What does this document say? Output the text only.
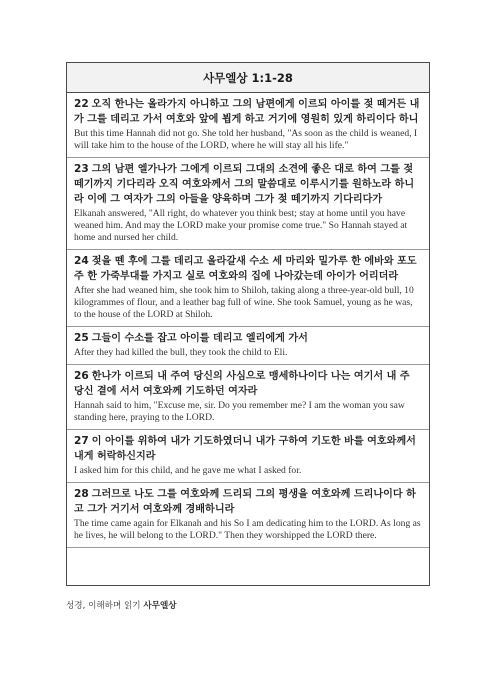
사무엘상 1:1-28
22 오직 한나는 올라가지 아니하고 그의 남편에게 이르되 아이를 젖 떼거든 내가 그를 데리고 가서 여호와 앞에 뵙게 하고 거기에 영원히 있게 하리이다 하니
But this time Hannah did not go. She told her husband, "As soon as the child is weaned, I will take him to the house of the LORD, where he will stay all his life."
23 그의 남편 엘가나가 그에게 이르되 그대의 소견에 좋은 대로 하여 그를 젖 떼기까지 기다리라 오직 여호와께서 그의 말씀대로 이루시기를 원하노라 하니라 이에 그 여자가 그의 아들을 양육하며 그가 젖 떼기까지 기다리다가
Elkanah answered, "All right, do whatever you think best; stay at home until you have weaned him. And may the LORD make your promise come true." So Hannah stayed at home and nursed her child.
24 젖을 뗀 후에 그를 데리고 올라갈새 수소 세 마리와 밀가루 한 에바와 포도주 한 가죽부대를 가지고 실로 여호와의 집에 나아갔는데 아이가 어리더라
After she had weaned him, she took him to Shiloh, taking along a three-year-old bull, 10 kilogrammes of flour, and a leather bag full of wine. She took Samuel, young as he was, to the house of the LORD at Shiloh.
25 그들이 수소를 잡고 아이를 데리고 엘리에게 가서
After they had killed the bull, they took the child to Eli.
26 한나가 이르되 내 주여 당신의 사심으로 맹세하나이다 나는 여기서 내 주 당신 곁에 서서 여호와께 기도하던 여자라
Hannah said to him, "Excuse me, sir. Do you remember me? I am the woman you saw standing here, praying to the LORD.
27 이 아이를 위하여 내가 기도하였더니 내가 구하여 기도한 바를 여호와께서 내게 허락하신지라
I asked him for this child, and he gave me what I asked for.
28 그러므로 나도 그를 여호와께 드리되 그의 평생을 여호와께 드리나이다 하고 그가 거기서 여호와께 경배하니라
The time came again for Elkanah and his So I am dedicating him to the LORD. As long as he lives, he will belong to the LORD." Then they worshipped the LORD there.
성경, 이해하며 읽기 사무엘상
